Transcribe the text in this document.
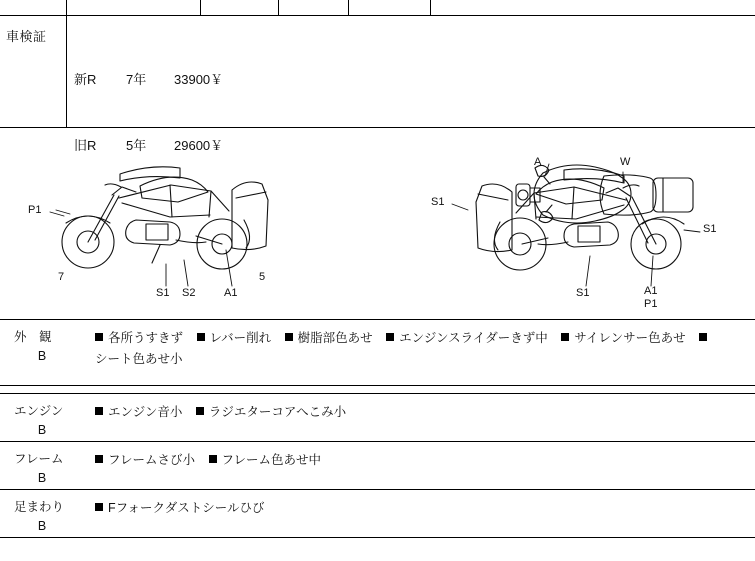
車検証

新R 7年 33900￥

旧R 5年 29600￥

W
P1
7
S1 S2	A1
5
A
S1
S1
S1	A1
P1
外　観
B
各所うすきず レバー削れ 樹脂部色あせ エンジンスライダーきず中 サイレンサー色あせ
シート色あせ小
エンジン
B
エンジン音小 ラジエターコアへこみ小
フレーム
B
フレームさび小 フレーム色あせ中
足まわり
B
Fフォークダストシールひび
